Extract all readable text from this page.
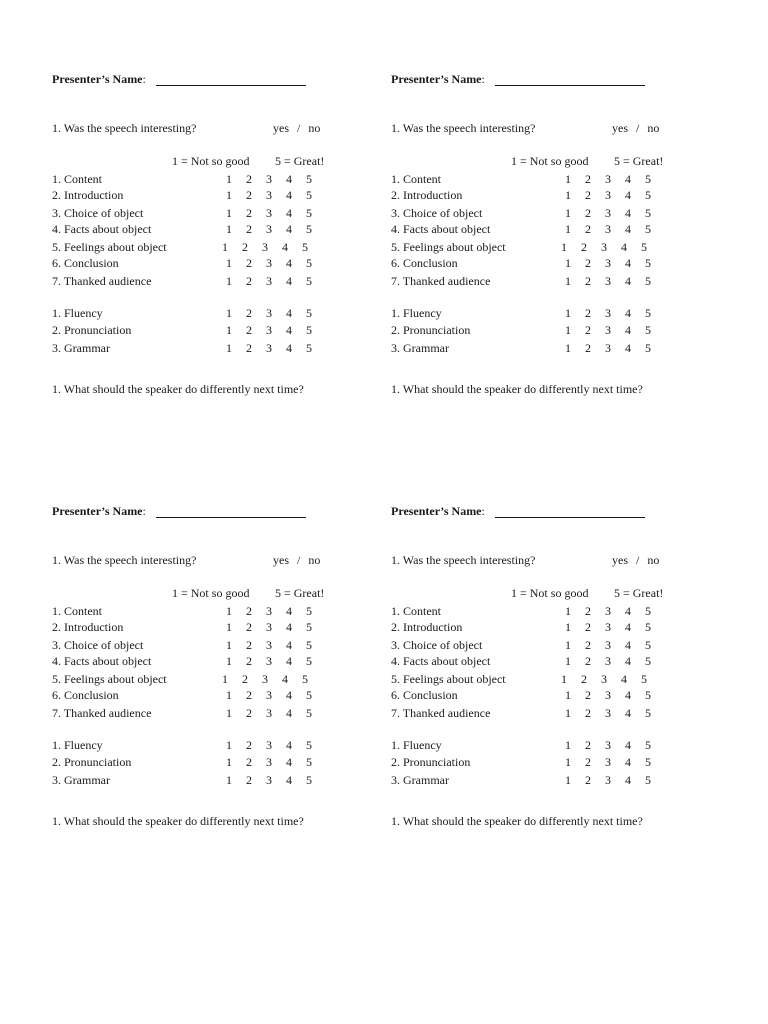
Presenter’s Name:
1. Was the speech interesting?	yes / no
1 = Not so good 5 = Great!
1. Content	1 2 3 4 5
2. Introduction	1 2 3 4 5
3. Choice of object	1 2 3 4 5
4. Facts about object	1 2 3 4 5
5. Feelings about object	1 2 3 4 5
6. Conclusion	1 2 3 4 5
7. Thanked audience	1 2 3 4 5
1. Fluency	1 2 3 4 5
2. Pronunciation	1 2 3 4 5
3. Grammar	1 2 3 4 5
1. What should the speaker do differently next time?
Presenter’s Name:
1. Was the speech interesting?	yes / no
1 = Not so good 5 = Great!
1. Content	1 2 3 4 5
2. Introduction	1 2 3 4 5
3. Choice of object	1 2 3 4 5
4. Facts about object	1 2 3 4 5
5. Feelings about object	1 2 3 4 5
6. Conclusion	1 2 3 4 5
7. Thanked audience	1 2 3 4 5
1. Fluency	1 2 3 4 5
2. Pronunciation	1 2 3 4 5
3. Grammar	1 2 3 4 5
1. What should the speaker do differently next time?
Presenter’s Name:
1. Was the speech interesting?	yes / no
1 = Not so good 5 = Great!
1. Content	1 2 3 4 5
2. Introduction	1 2 3 4 5
3. Choice of object	1 2 3 4 5
4. Facts about object	1 2 3 4 5
5. Feelings about object	1 2 3 4 5
6. Conclusion	1 2 3 4 5
7. Thanked audience	1 2 3 4 5
1. Fluency	1 2 3 4 5
2. Pronunciation	1 2 3 4 5
3. Grammar	1 2 3 4 5
1. What should the speaker do differently next time?
Presenter’s Name:
1. Was the speech interesting?	yes / no
1 = Not so good 5 = Great!
1. Content	1 2 3 4 5
2. Introduction	1 2 3 4 5
3. Choice of object	1 2 3 4 5
4. Facts about object	1 2 3 4 5
5. Feelings about object	1 2 3 4 5
6. Conclusion	1 2 3 4 5
7. Thanked audience	1 2 3 4 5
1. Fluency	1 2 3 4 5
2. Pronunciation	1 2 3 4 5
3. Grammar	1 2 3 4 5
1. What should the speaker do differently next time?
